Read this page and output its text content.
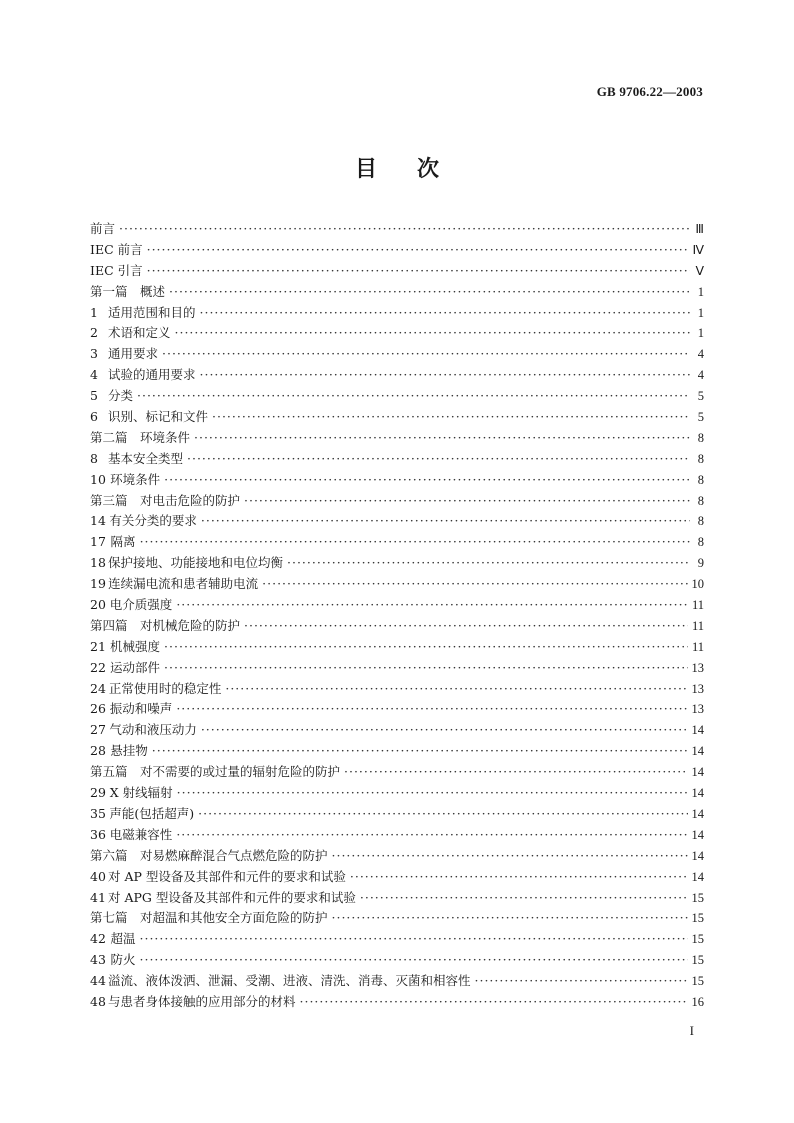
GB 9706.22—2003
目次
前言 ·····	Ⅲ
IEC 前言 ·····	Ⅳ
IEC 引言 ·····	Ⅴ
第一篇　概述 ·····	1
1 适用范围和目的 ·····	1
2 术语和定义 ·····	1
3 通用要求 ·····	4
4 试验的通用要求 ·····	4
5 分类 ·····	5
6 识别、标记和文件 ·····	5
第二篇　环境条件 ·····	8
8 基本安全类型 ·····	8
10 环境条件 ·····	8
第三篇　对电击危险的防护 ·····	8
14 有关分类的要求 ·····	8
17 隔离 ·····	8
18 保护接地、功能接地和电位均衡 ·····	9
19 连续漏电流和患者辅助电流 ·····	10
20 电介质强度 ·····	11
第四篇　对机械危险的防护 ·····	11
21 机械强度 ·····	11
22 运动部件 ·····	13
24 正常使用时的稳定性 ·····	13
26 振动和噪声 ·····	13
27 气动和液压动力 ·····	14
28 悬挂物 ·····	14
第五篇　对不需要的或过量的辐射危险的防护 ·····	14
29 X 射线辐射 ·····	14
35 声能(包括超声) ·····	14
36 电磁兼容性 ·····	14
第六篇　对易燃麻醉混合气点燃危险的防护 ·····	14
40 对 AP 型设备及其部件和元件的要求和试验 ·····	14
41 对 APG 型设备及其部件和元件的要求和试验 ·····	15
第七篇　对超温和其他安全方面危险的防护 ·····	15
42 超温 ·····	15
43 防火 ·····	15
44 溢流、液体泼洒、泄漏、受潮、进液、清洗、消毒、灭菌和相容性 ·····	15
48 与患者身体接触的应用部分的材料 ·····	16
I
